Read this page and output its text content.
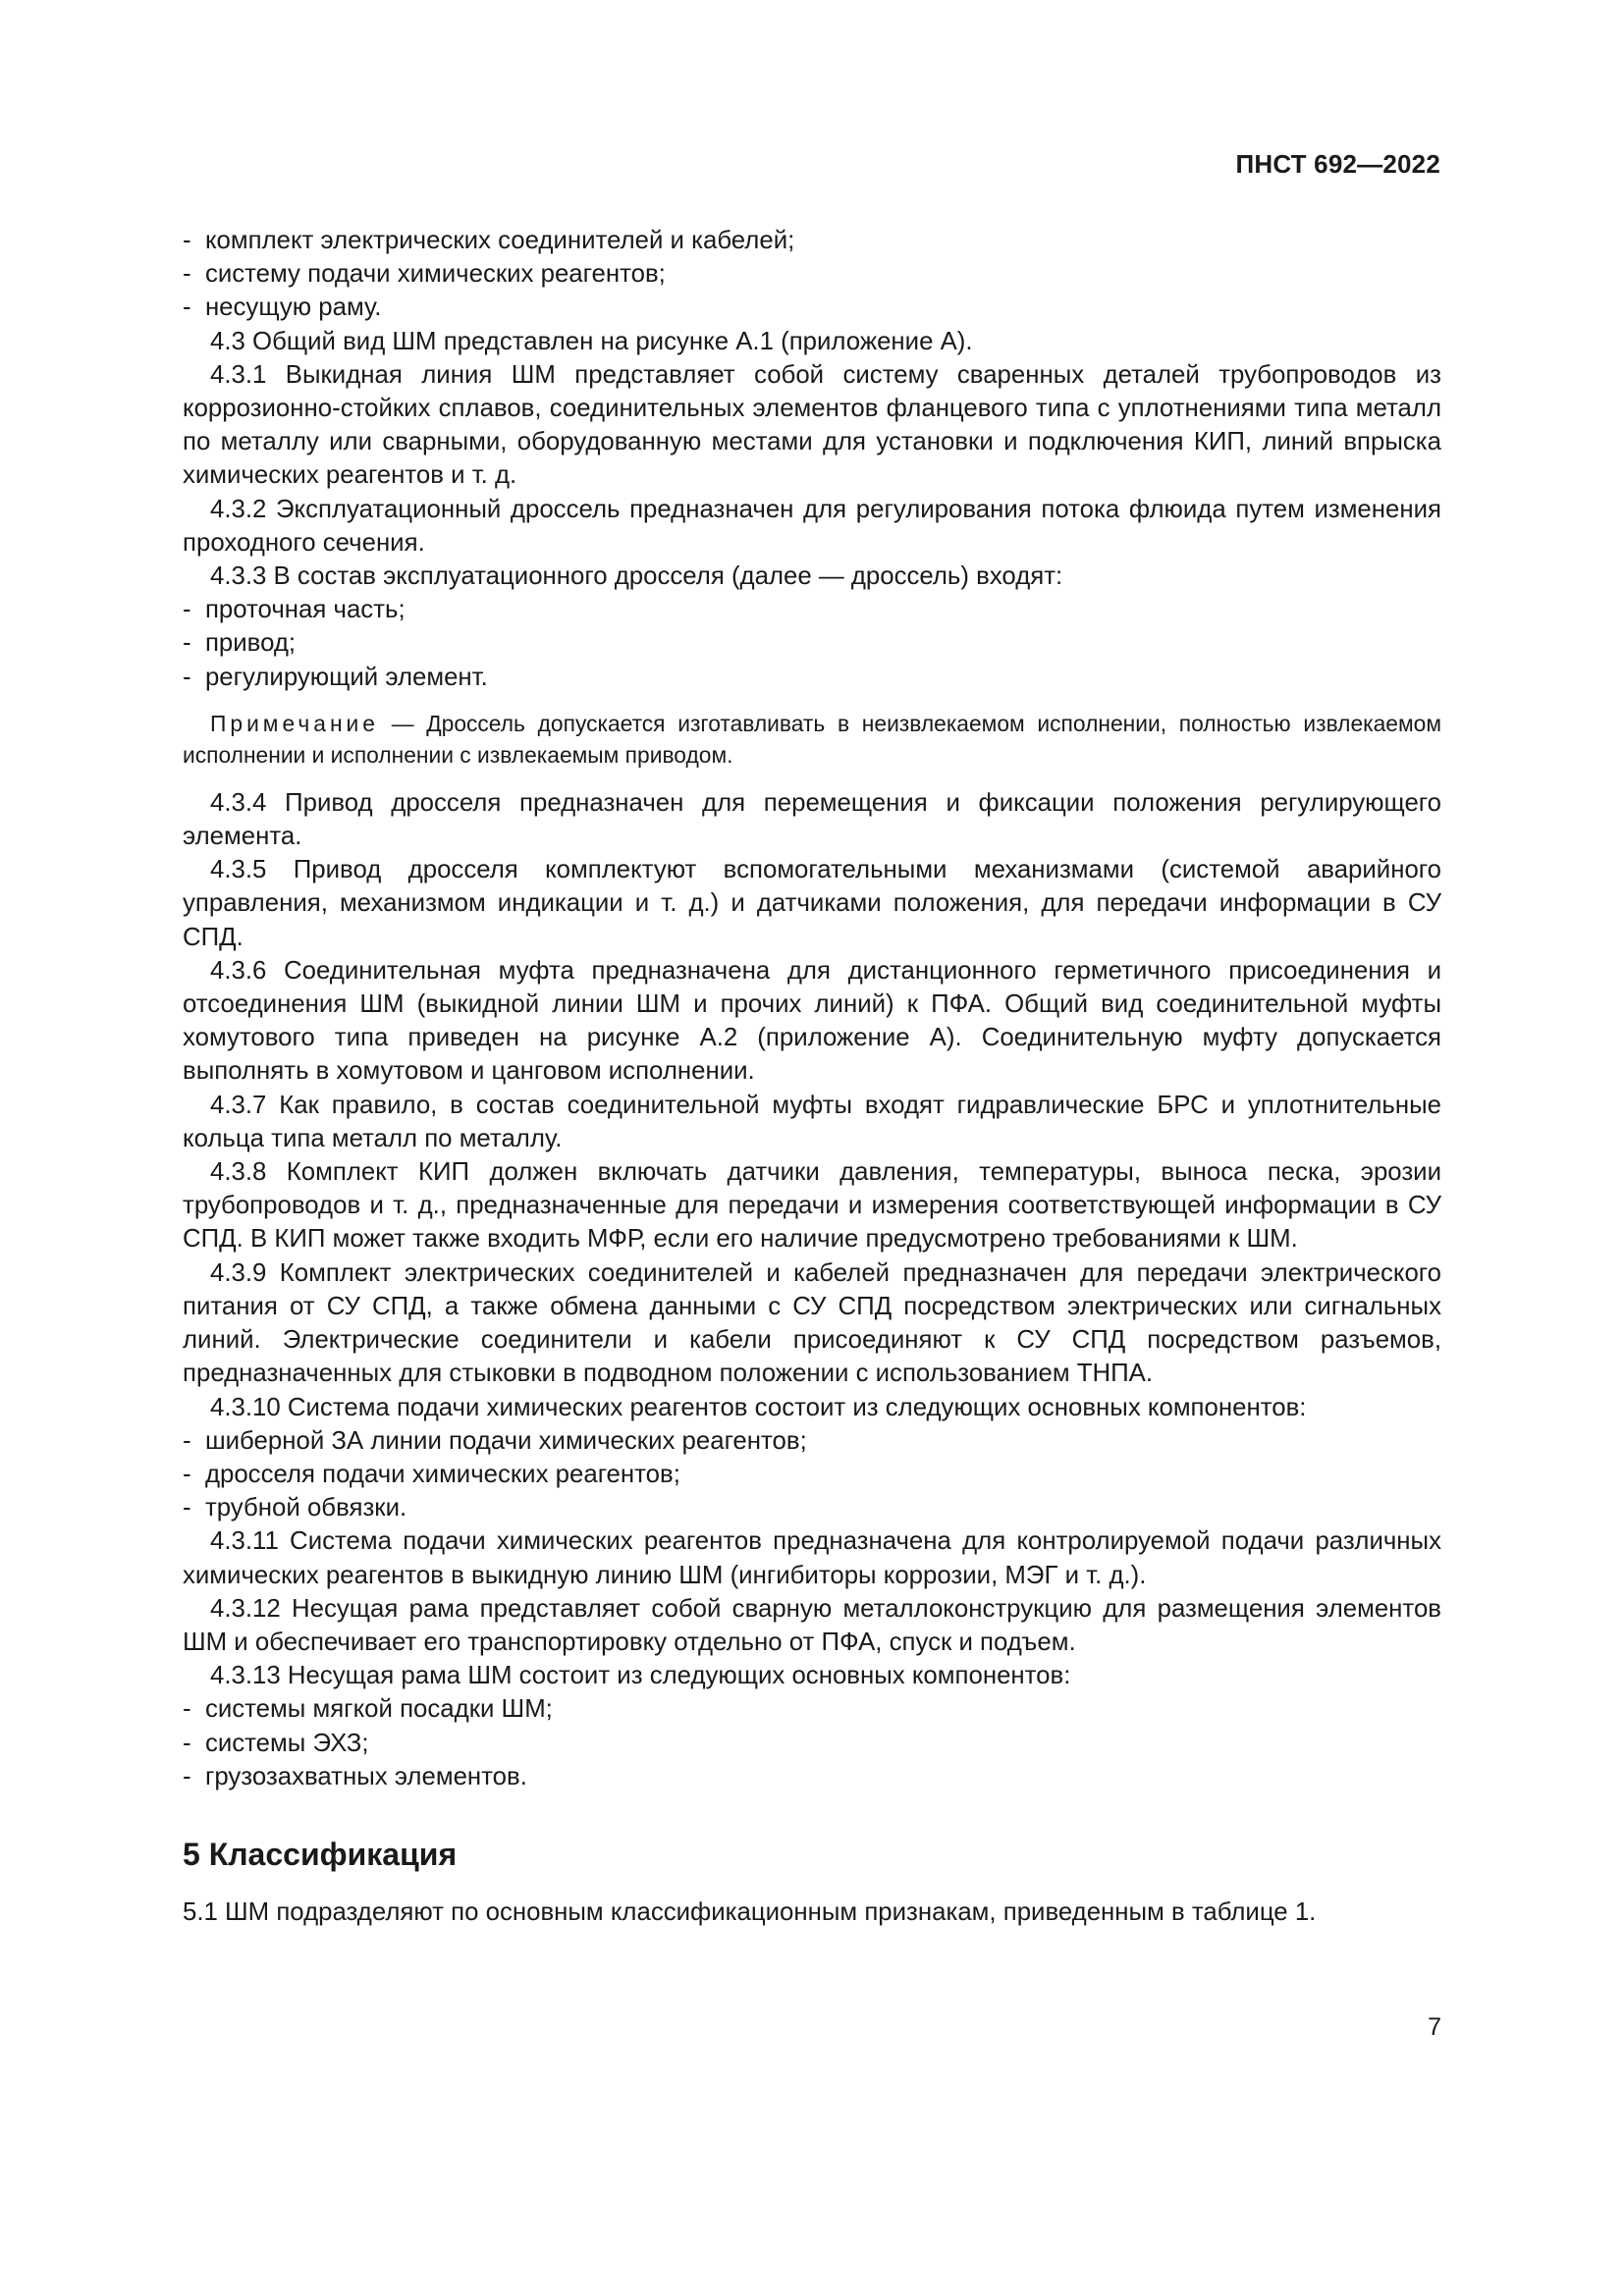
ПНСТ 692—2022

-  комплект электрических соединителей и кабелей;

-  систему подачи химических реагентов;

-  несущую раму.

4.3 Общий вид ШМ представлен на рисунке А.1 (приложение А).

4.3.1 Выкидная линия ШМ представляет собой систему сваренных деталей трубопроводов из коррозионно-стойких сплавов, соединительных элементов фланцевого типа с уплотнениями типа металл по металлу или сварными, оборудованную местами для установки и подключения КИП, линий впрыска химических реагентов и т. д.

4.3.2 Эксплуатационный дроссель предназначен для регулирования потока флюида путем изменения проходного сечения.

4.3.3 В состав эксплуатационного дросселя (далее — дроссель) входят:

-  проточная часть;

-  привод;

-  регулирующий элемент.

Примечание — Дроссель допускается изготавливать в неизвлекаемом исполнении, полностью извлекаемом исполнении и исполнении с извлекаемым приводом.

4.3.4 Привод дросселя предназначен для перемещения и фиксации положения регулирующего элемента.

4.3.5 Привод дросселя комплектуют вспомогательными механизмами (системой аварийного управления, механизмом индикации и т. д.) и датчиками положения, для передачи информации в СУ СПД.

4.3.6 Соединительная муфта предназначена для дистанционного герметичного присоединения и отсоединения ШМ (выкидной линии ШМ и прочих линий) к ПФА. Общий вид соединительной муфты хомутового типа приведен на рисунке А.2 (приложение А). Соединительную муфту допускается выполнять в хомутовом и цанговом исполнении.

4.3.7 Как правило, в состав соединительной муфты входят гидравлические БРС и уплотнительные кольца типа металл по металлу.

4.3.8 Комплект КИП должен включать датчики давления, температуры, выноса песка, эрозии трубопроводов и т. д., предназначенные для передачи и измерения соответствующей информации в СУ СПД. В КИП может также входить МФР, если его наличие предусмотрено требованиями к ШМ.

4.3.9 Комплект электрических соединителей и кабелей предназначен для передачи электрического питания от СУ СПД, а также обмена данными с СУ СПД посредством электрических или сигнальных линий. Электрические соединители и кабели присоединяют к СУ СПД посредством разъемов, предназначенных для стыковки в подводном положении с использованием ТНПА.

4.3.10 Система подачи химических реагентов состоит из следующих основных компонентов:

-  шиберной ЗА линии подачи химических реагентов;

-  дросселя подачи химических реагентов;

-  трубной обвязки.

4.3.11 Система подачи химических реагентов предназначена для контролируемой подачи различных химических реагентов в выкидную линию ШМ (ингибиторы коррозии, МЭГ и т. д.).

4.3.12 Несущая рама представляет собой сварную металлоконструкцию для размещения элементов ШМ и обеспечивает его транспортировку отдельно от ПФА, спуск и подъем.

4.3.13 Несущая рама ШМ состоит из следующих основных компонентов:

-  системы мягкой посадки ШМ;

-  системы ЭХЗ;

-  грузозахватных элементов.

5 Классификация

5.1 ШМ подразделяют по основным классификационным признакам, приведенным в таблице 1.

7
